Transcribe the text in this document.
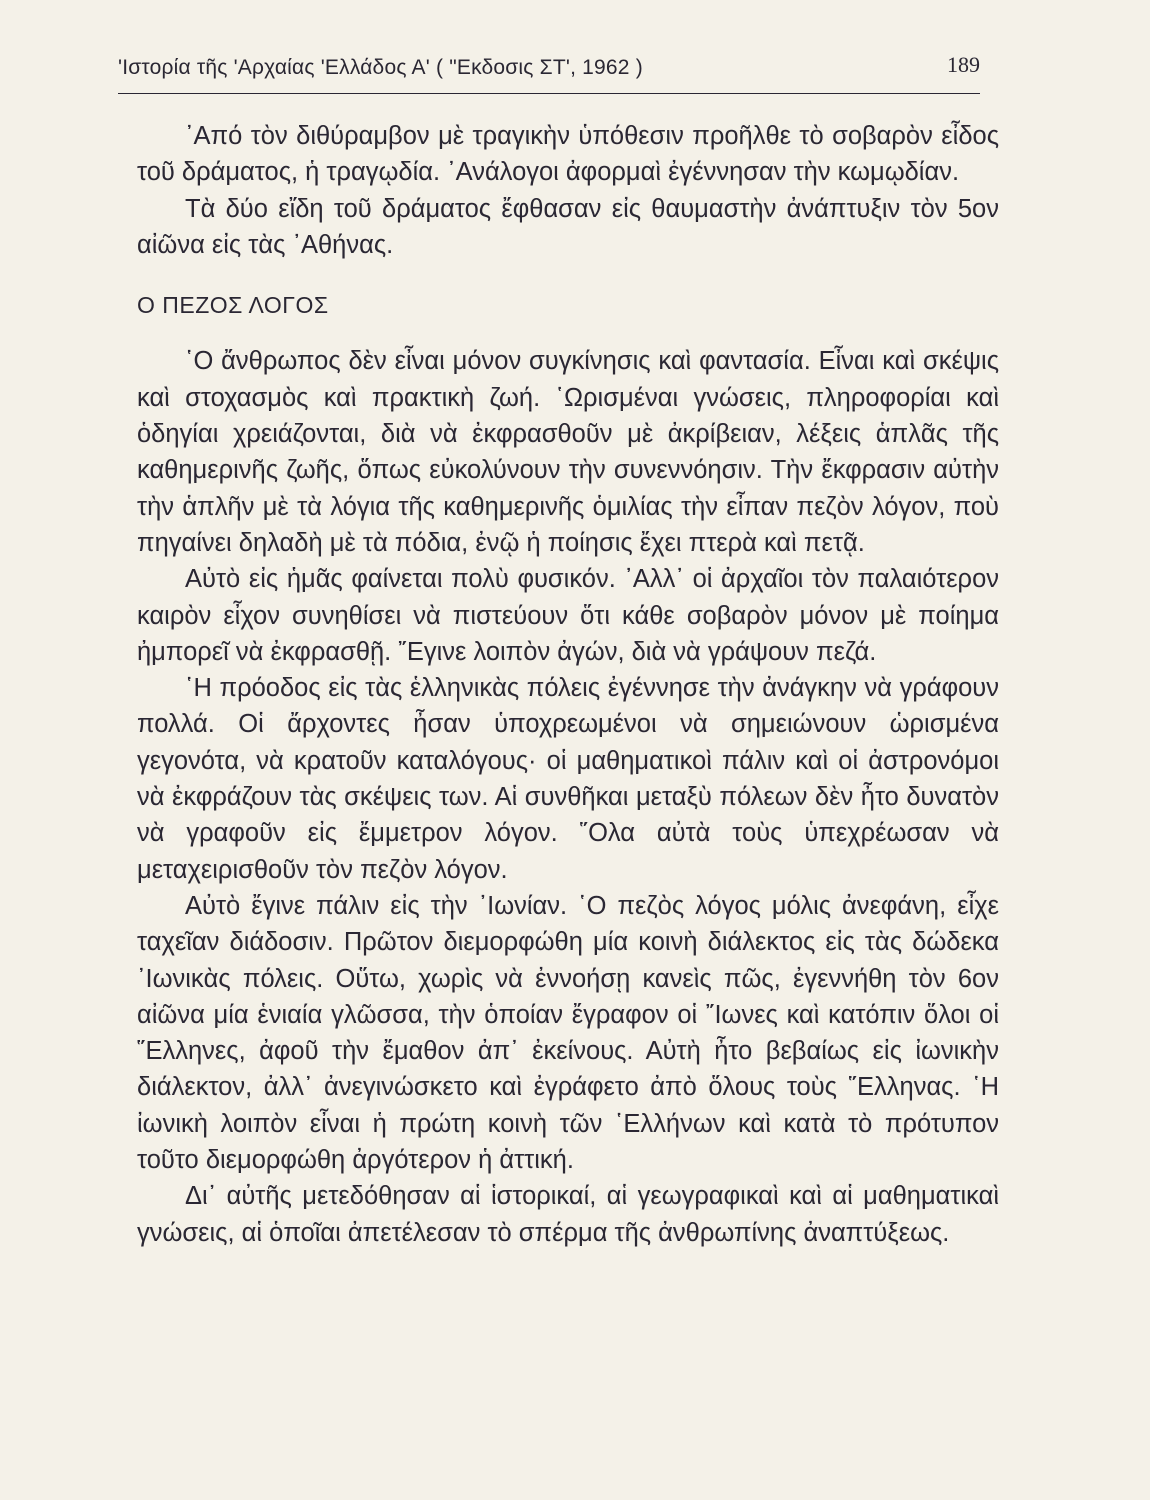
'Ιστορία τῆς 'Αρχαίας 'Ελλάδος Α' ( "Εκδοσις ΣΤ', 1962 )	189

᾿Από τὸν διθύραμβον μὲ τραγικὴν ὑπόθεσιν προῆλθε τὸ σοβαρὸν εἶδος τοῦ δράματος, ἡ τραγῳδία. ᾿Ανάλογοι ἀφορμαὶ ἐγέννησαν τὴν κωμῳδίαν.

Τὰ δύο εἴδη τοῦ δράματος ἔφθασαν εἰς θαυμαστὴν ἀνάπτυξιν τὸν 5ον αἰῶνα εἰς τὰς ᾿Αθήνας.

Ο ΠΕΖΟΣ ΛΟΓΟΣ

῾Ο ἄνθρωπος δὲν εἶναι μόνον συγκίνησις καὶ φαντασία. Εἶναι καὶ σκέψις καὶ στοχασμὸς καὶ πρακτικὴ ζωή. ῾Ωρισμέναι γνώσεις, πληροφορίαι καὶ ὁδηγίαι χρειάζονται, διὰ νὰ ἐκφρασθοῦν μὲ ἀκρίβειαν, λέξεις ἁπλᾶς τῆς καθημερινῆς ζωῆς, ὅπως εὐκολύνουν τὴν συνεννόησιν. Τὴν ἔκφρασιν αὐτὴν τὴν ἁπλῆν μὲ τὰ λόγια τῆς καθημερινῆς ὁμιλίας τὴν εἶπαν πεζὸν λόγον, ποὺ πηγαίνει δηλαδὴ μὲ τὰ πόδια, ἐνῷ ἡ ποίησις ἔχει πτερὰ καὶ πετᾷ.

Αὐτὸ εἰς ἡμᾶς φαίνεται πολὺ φυσικόν. ᾿Αλλ᾿ οἱ ἀρχαῖοι τὸν παλαιότερον καιρὸν εἶχον συνηθίσει νὰ πιστεύουν ὅτι κάθε σοβαρὸν μόνον μὲ ποίημα ἠμπορεῖ νὰ ἐκφρασθῇ. ῎Εγινε λοιπὸν ἀγών, διὰ νὰ γράψουν πεζά.

῾Η πρόοδος εἰς τὰς ἑλληνικὰς πόλεις ἐγέννησε τὴν ἀνάγκην νὰ γράφουν πολλά. Οἱ ἄρχοντες ἦσαν ὑποχρεωμένοι νὰ σημειώνουν ὡρισμένα γεγονότα, νὰ κρατοῦν καταλόγους· οἱ μαθηματικοὶ πάλιν καὶ οἱ ἀστρονόμοι νὰ ἐκφράζουν τὰς σκέψεις των. Αἱ συνθῆκαι μεταξὺ πόλεων δὲν ἦτο δυνατὸν νὰ γραφοῦν εἰς ἔμμετρον λόγον. ῞Ολα αὐτὰ τοὺς ὑπεχρέωσαν νὰ μεταχειρισθοῦν τὸν πεζὸν λόγον.

Αὐτὸ ἔγινε πάλιν εἰς τὴν ᾿Ιωνίαν. ῾Ο πεζὸς λόγος μόλις ἀνεφάνη, εἶχε ταχεῖαν διάδοσιν. Πρῶτον διεμορφώθη μία κοινὴ διάλεκτος εἰς τὰς δώδεκα ᾿Ιωνικὰς πόλεις. Οὕτω, χωρὶς νὰ ἐννοήσῃ κανεὶς πῶς, ἐγεννήθη τὸν 6ον αἰῶνα μία ἑνιαία γλῶσσα, τὴν ὁποίαν ἔγραφον οἱ ῎Ιωνες καὶ κατόπιν ὅλοι οἱ ῞Ελληνες, ἀφοῦ τὴν ἔμαθον ἀπ᾿ ἐκείνους. Αὐτὴ ἦτο βεβαίως εἰς ἰωνικὴν διάλεκτον, ἀλλ᾿ ἀνεγινώσκετο καὶ ἐγράφετο ἀπὸ ὅλους τοὺς ῞Ελληνας. ῾Η ἰωνικὴ λοιπὸν εἶναι ἡ πρώτη κοινὴ τῶν ῾Ελλήνων καὶ κατὰ τὸ πρότυπον τοῦτο διεμορφώθη ἀργότερον ἡ ἀττική.

Δι᾿ αὐτῆς μετεδόθησαν αἱ ἱστορικαί, αἱ γεωγραφικαὶ καὶ αἱ μαθηματικαὶ γνώσεις, αἱ ὁποῖαι ἀπετέλεσαν τὸ σπέρμα τῆς ἀνθρωπίνης ἀναπτύξεως.
